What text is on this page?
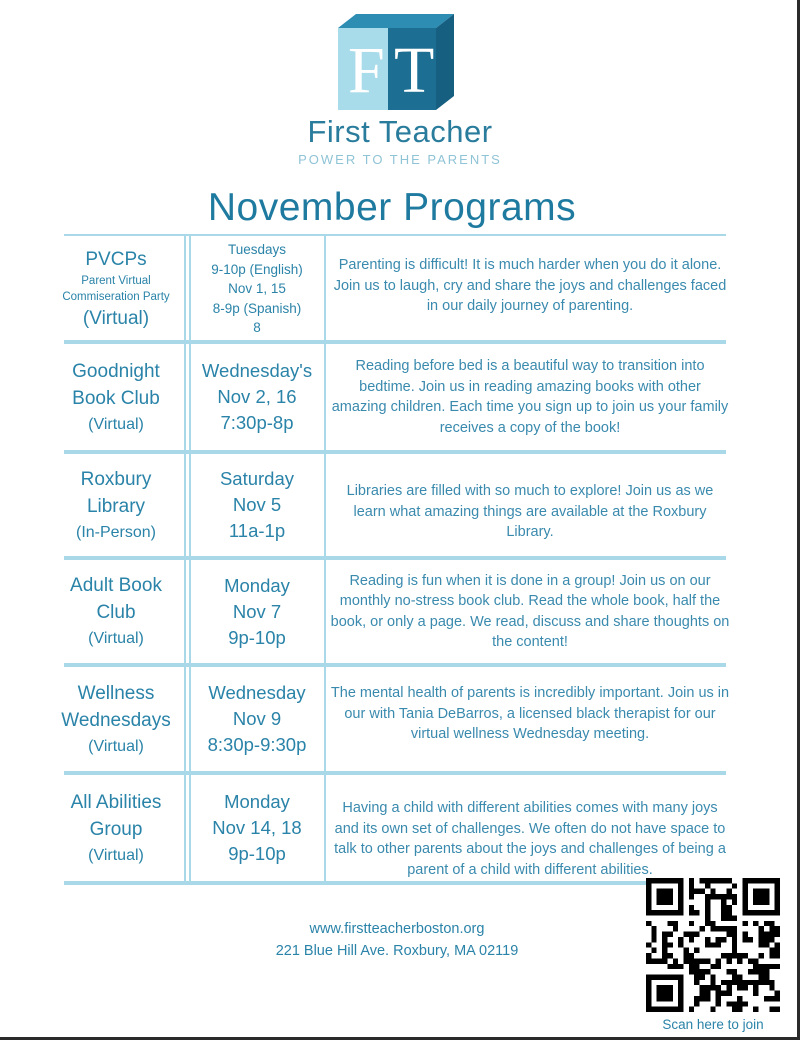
F T
First Teacher
POWER TO THE PARENTS
November Programs
PVCPs
Parent Virtual
Commiseration Party
(Virtual)
Tuesdays
9-10p (English)
Nov 1, 15
8-9p (Spanish)
8
Parenting is difficult! It is much harder when you do it alone. Join us to laugh, cry and share the joys and challenges faced in our daily journey of parenting.
Goodnight
Book Club
(Virtual)
Wednesday's
Nov 2, 16
7:30p-8p
Reading before bed is a beautiful way to transition into bedtime. Join us in reading amazing books with other amazing children. Each time you sign up to join us your family receives a copy of the book!
Roxbury
Library
(In-Person)
Saturday
Nov 5
11a-1p
Libraries are filled with so much to explore! Join us as we learn what amazing things are available at the Roxbury Library.
Adult Book
Club
(Virtual)
Monday
Nov 7
9p-10p
Reading is fun when it is done in a group! Join us on our monthly no-stress book club. Read the whole book, half the book, or only a page. We read, discuss and share thoughts on the content!
Wellness
Wednesdays
(Virtual)
Wednesday
Nov 9
8:30p-9:30p
The mental health of parents is incredibly important. Join us in our with Tania DeBarros, a licensed black therapist for our virtual wellness Wednesday meeting.
All Abilities
Group
(Virtual)
Monday
Nov 14, 18
9p-10p
Having a child with different abilities comes with many joys and its own set of challenges. We often do not have space to talk to other parents about the joys and challenges of being a parent of a child with different abilities.
www.firstteacherboston.org
221 Blue Hill Ave. Roxbury, MA 02119
Scan here to join
